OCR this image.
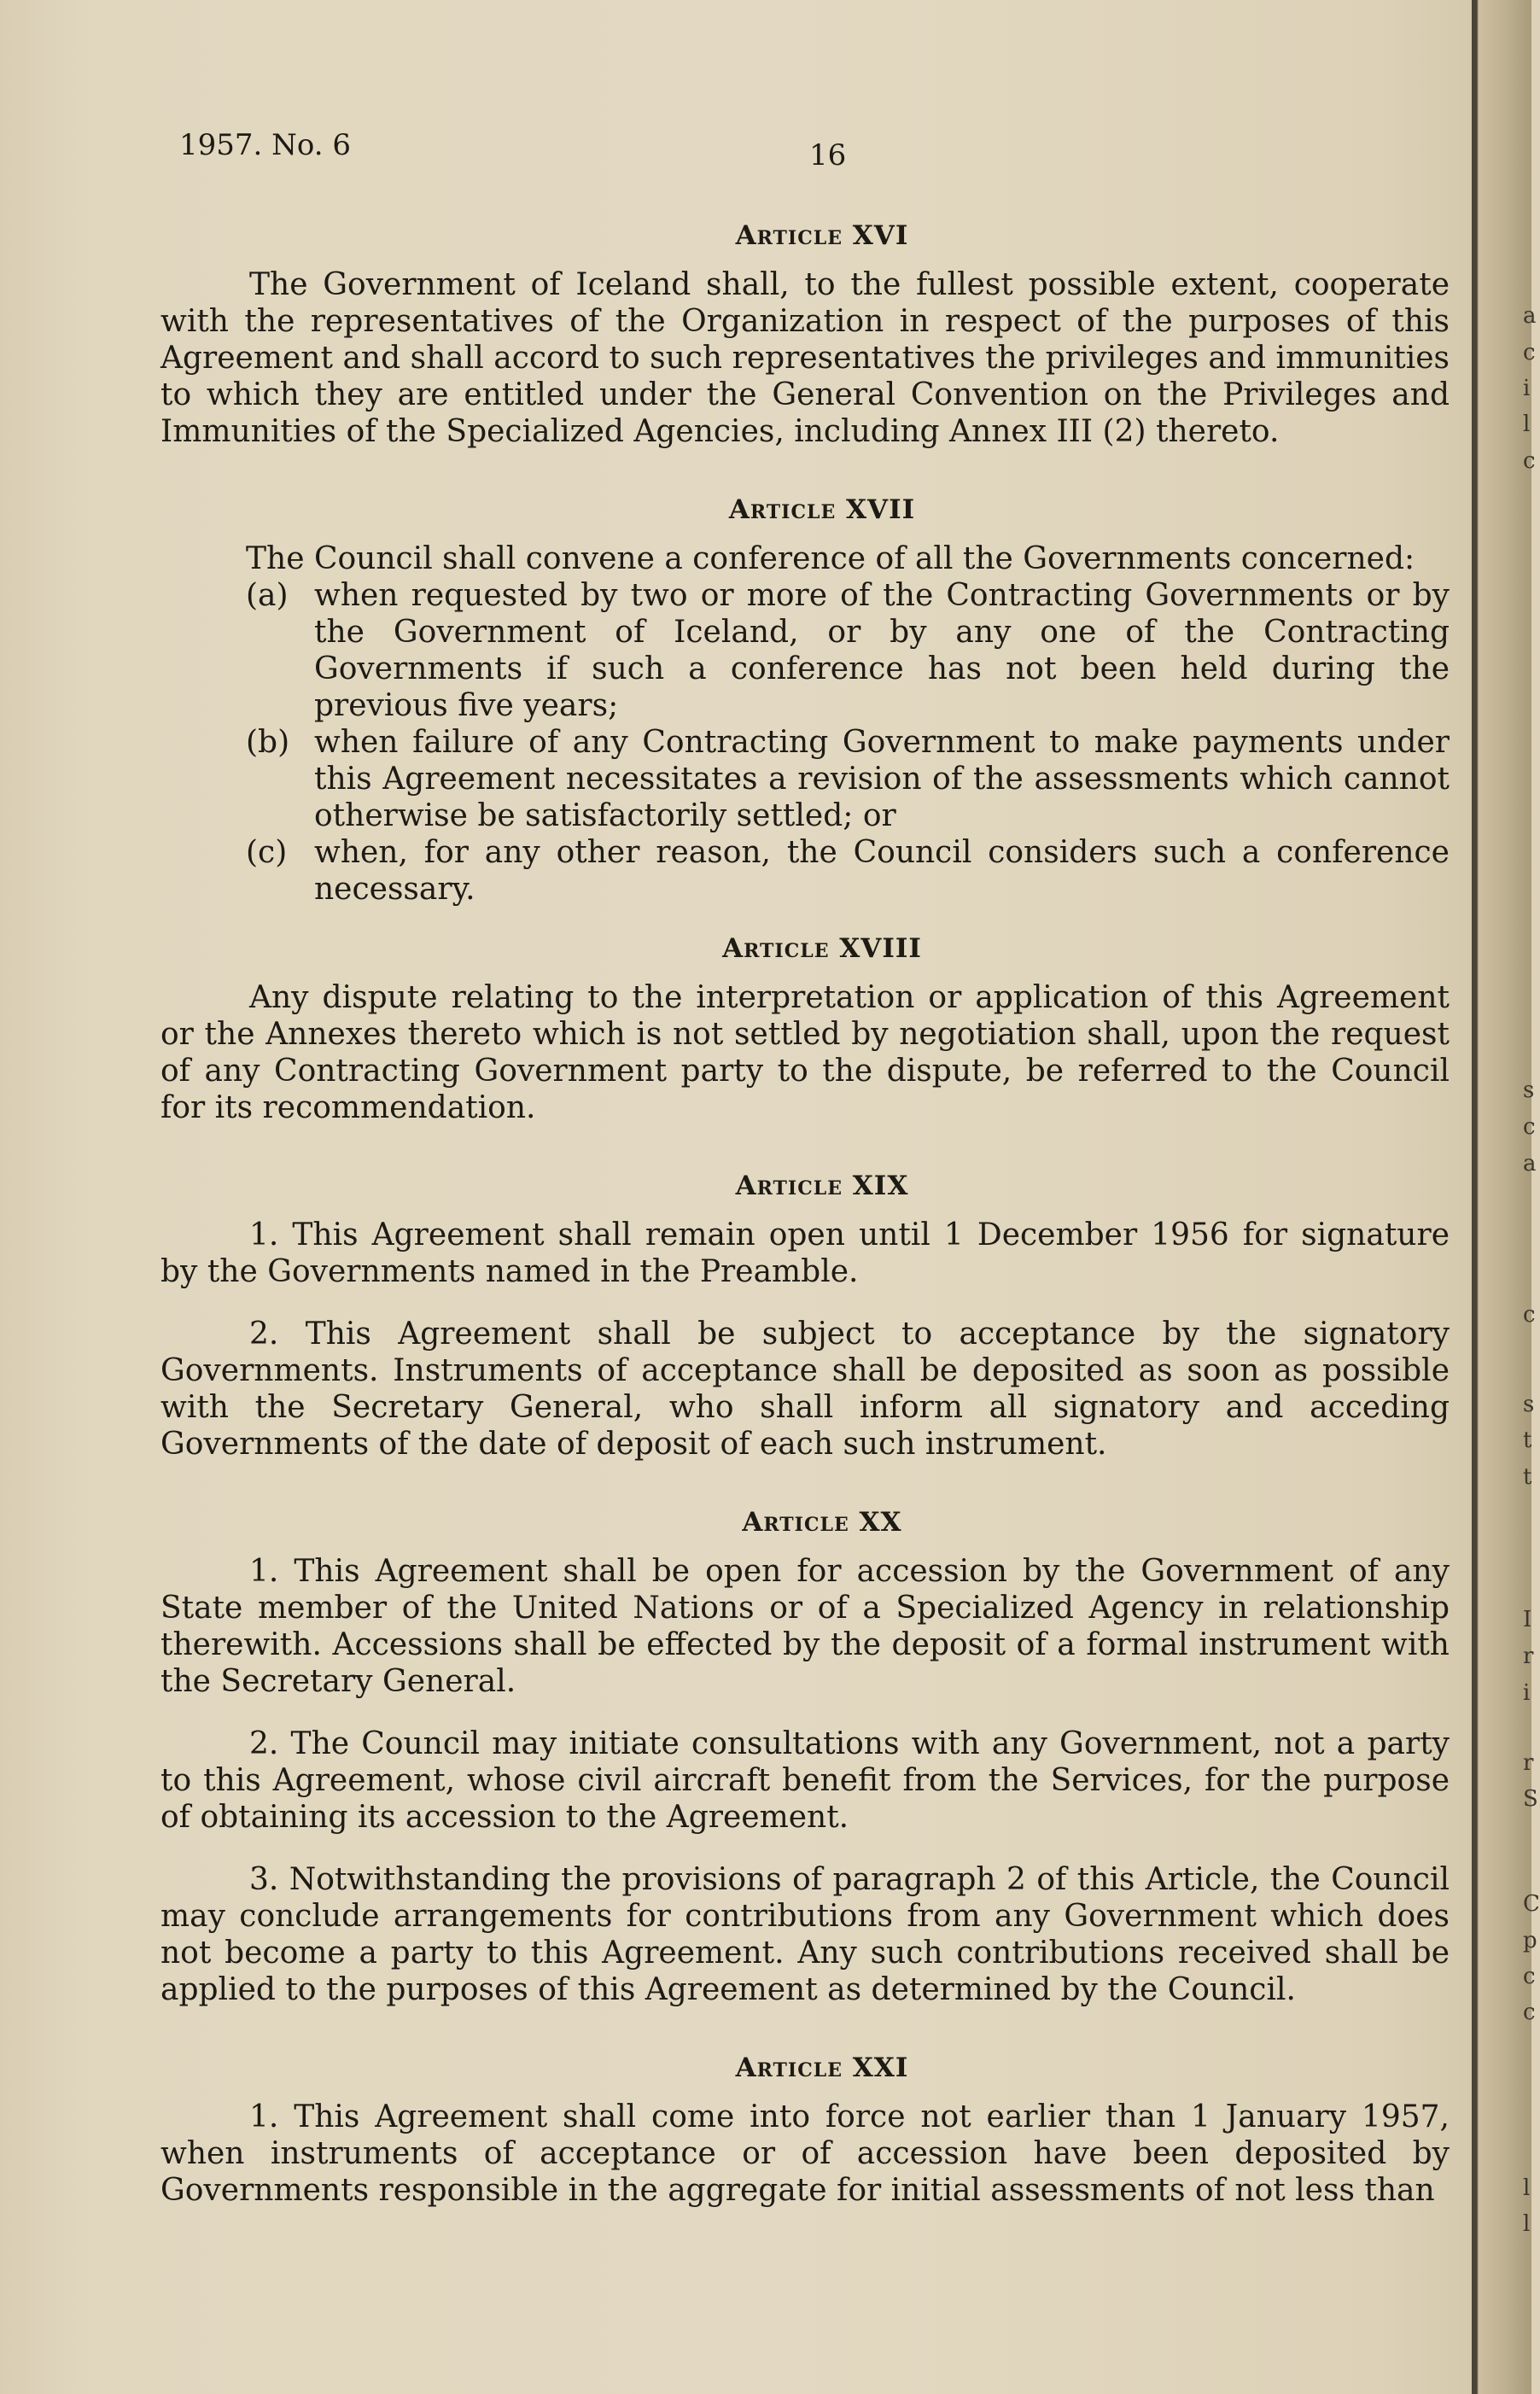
a
c
i
l
c
s
c
a
c
s
t
t
I
r
i
r
S
C
p
c
c
l
l
1957. No. 6	16
Article XVI

The Government of Iceland shall, to the fullest possible extent, cooperate with the representatives of the Organization in respect of the purposes of this Agreement and shall accord to such representatives the privileges and immunities to which they are entitled under the General Convention on the Privileges and Immunities of the Specialized Agencies, including Annex III (2) thereto.

Article XVII

The Council shall convene a conference of all the Governments concerned:

(a) when requested by two or more of the Contracting Governments or by the Government of Iceland, or by any one of the Contracting Governments if such a conference has not been held during the previous five years;
(b) when failure of any Contracting Government to make payments under this Agreement necessitates a revision of the assessments which cannot otherwise be satisfactorily settled; or
(c) when, for any other reason, the Council considers such a conference necessary.
Article XVIII

Any dispute relating to the interpretation or application of this Agreement or the Annexes thereto which is not settled by negotiation shall, upon the request of any Contracting Government party to the dispute, be referred to the Council for its recommendation.

Article XIX

1. This Agreement shall remain open until 1 December 1956 for signature by the Governments named in the Preamble.

2. This Agreement shall be subject to acceptance by the signatory Governments. Instruments of acceptance shall be deposited as soon as possible with the Secretary General, who shall inform all signatory and acceding Governments of the date of deposit of each such instrument.

Article XX

1. This Agreement shall be open for accession by the Government of any State member of the United Nations or of a Specialized Agency in relationship therewith. Accessions shall be effected by the deposit of a formal instrument with the Secretary General.

2. The Council may initiate consultations with any Government, not a party to this Agreement, whose civil aircraft benefit from the Services, for the purpose of obtaining its accession to the Agreement.

3. Notwithstanding the provisions of paragraph 2 of this Article, the Council may conclude arrangements for contributions from any Government which does not become a party to this Agreement. Any such contributions received shall be applied to the purposes of this Agreement as determined by the Council.

Article XXI

1. This Agreement shall come into force not earlier than 1 January 1957, when instruments of acceptance or of accession have been deposited by Governments responsible in the aggregate for initial assessments of not less than
